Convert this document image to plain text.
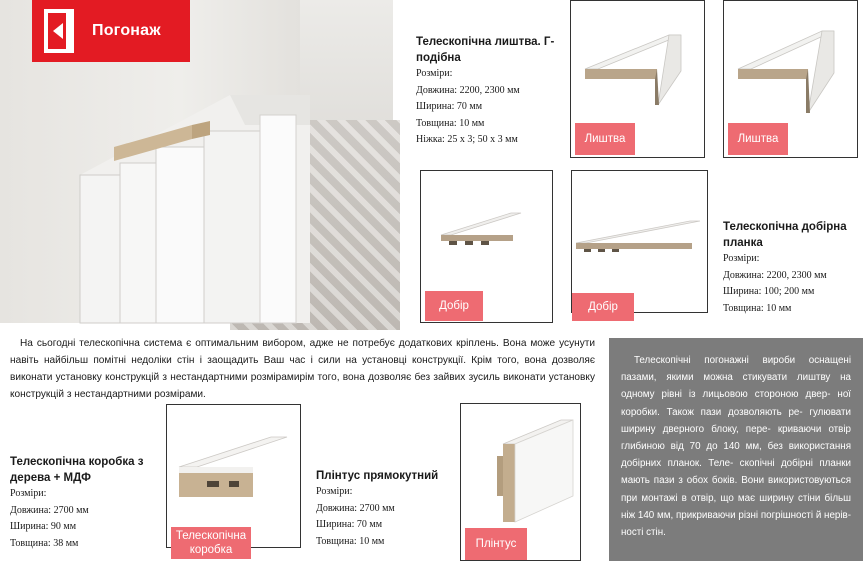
Погонаж
Телескопічна лиштва. Г-подібна
Розміри:
Довжина: 2200, 2300 мм
Ширина: 70 мм
Товщина: 10 мм
Ніжка: 25 х 3; 50 х 3 мм	Лиштва	Лиштва
Добір	Добір
Телескопічна добірна планка
Розміри:
Довжина: 2200, 2300 мм
Ширина: 100; 200 мм
Товщина: 10 мм
На сьогодні телескопічна система є оптимальним вибором, адже не потребує додаткових кріплень. Вона може усунути навіть найбільш помітні недоліки стін і заощадить Ваш час і сили на установці конструкції. Крім того, вона дозволяє виконати установку конструкцій з нестандартними розмірамирім того, вона дозволяє без зайвих зусиль виконати установку конструкцій з нестандартними розмірами.
Телескопічна коробка з дерева + МДФ
Розміри:
Довжина: 2700 мм
Ширина: 90 мм
Товщина: 38 мм
Телескопічна коробка
Плінтус прямокутний
Розміри:
Довжина: 2700 мм
Ширина: 70 мм
Товщина: 10 мм	Плінтус
Телескопічні погонажні вироби оснащені пазами, якими можна стикувати лиштву на одному рівні із лицьовою стороною двер- ної коробки. Також пази дозволяють ре- гулювати ширину дверного блоку, пере- криваючи отвір глибиною від 70 до 140 мм, без використання добірних планок. Теле- скопічні добірні планки мають пази з обох боків. Вони використовуються при монтажі в отвір, що має ширину стіни більш ніж 140 мм, прикриваючи різні погрішності й нерів- ності стін.
